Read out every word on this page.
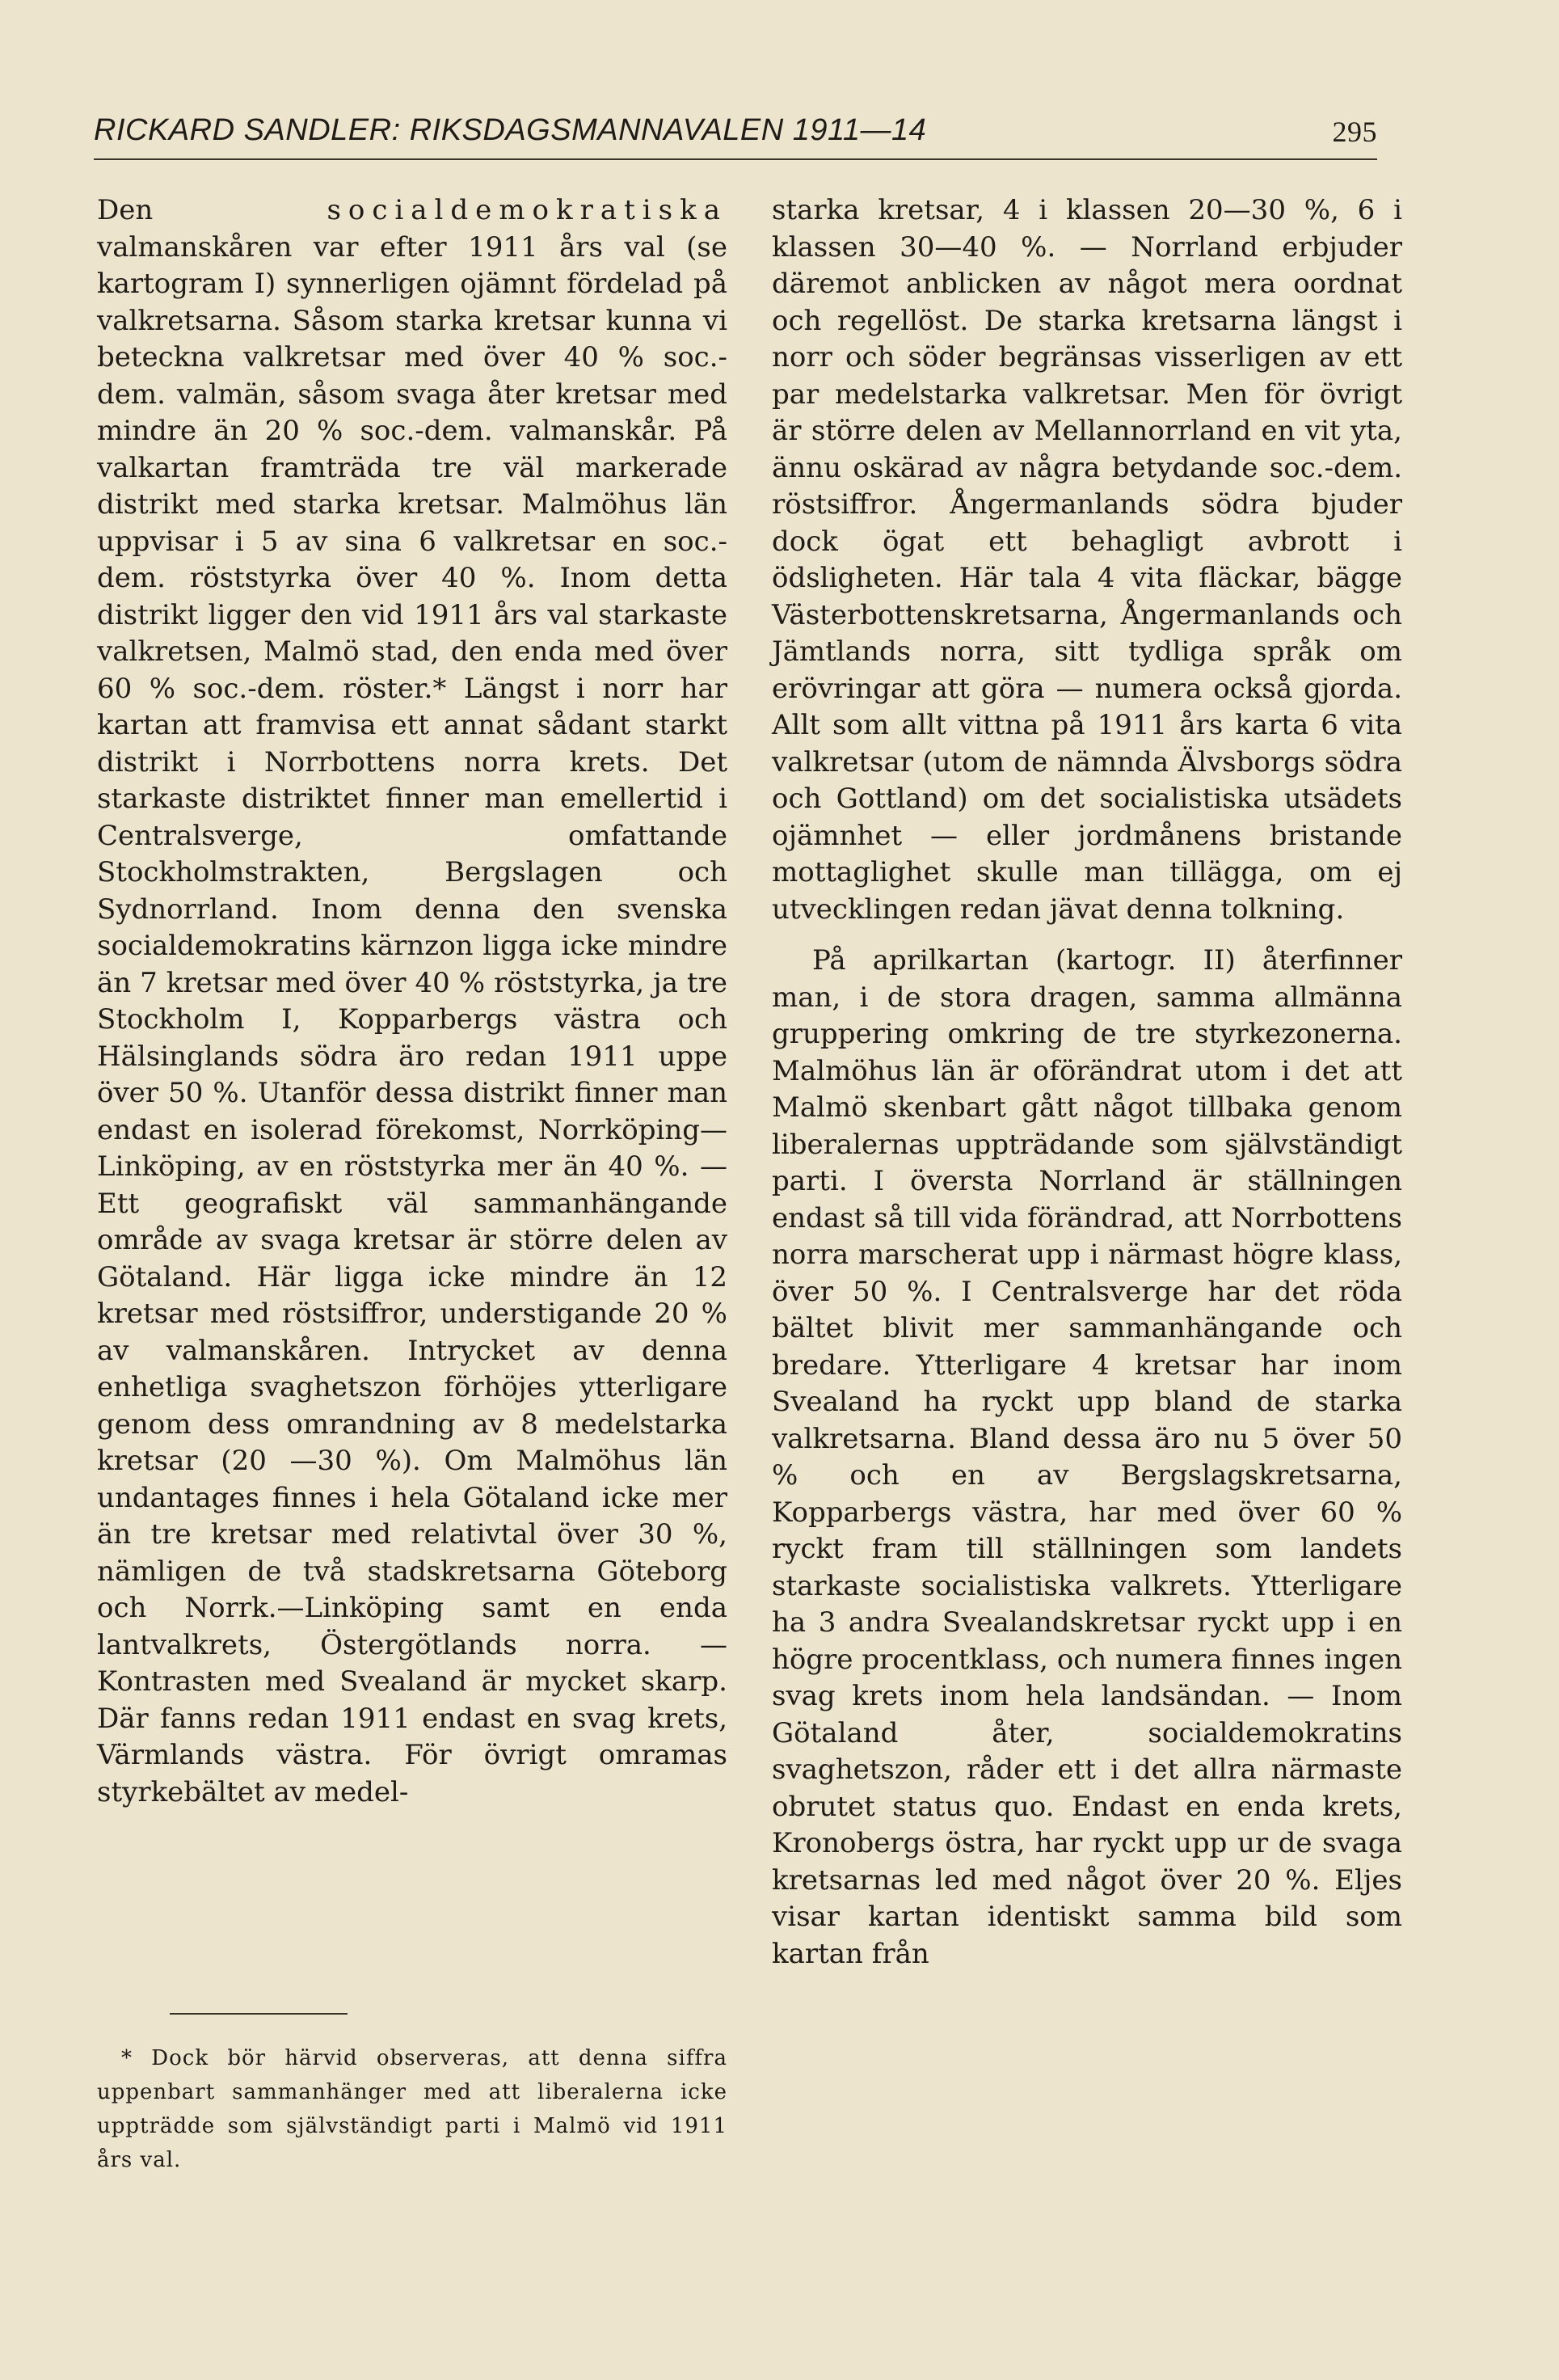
RICKARD SANDLER: RIKSDAGSMANNAVALEN 1911—14	295

Den	socialdemokratiska valmanskåren var efter 1911 års val (se kartogram I) synnerligen ojämnt fördelad på valkretsarna. Såsom starka kretsar kunna vi beteckna valkretsar med över 40 % soc.-dem. valmän, såsom svaga åter kretsar med mindre än 20 % soc.-dem. valmanskår. På valkartan framträda tre väl markerade distrikt med starka kretsar. Malmöhus län uppvisar i 5 av sina 6 valkretsar en soc.-dem. röststyrka över 40 %. Inom detta distrikt ligger den vid 1911 års val starkaste valkretsen, Malmö stad, den enda med över 60 % soc.-dem. röster.* Längst i norr har kartan att framvisa ett annat sådant starkt distrikt i Norrbottens norra krets. Det starkaste distriktet finner man emellertid i Centralsverge, omfattande Stockholmstrakten, Bergslagen och Sydnorrland. Inom denna den svenska socialdemokratins kärnzon ligga icke mindre än 7 kretsar med över 40 % röststyrka, ja tre Stockholm I, Kopparbergs västra och Hälsinglands södra äro redan 1911 uppe över 50 %. Utanför dessa distrikt finner man endast en isolerad förekomst, Norrköping—Linköping, av en röststyrka mer än 40 %. — Ett geografiskt väl sammanhängande område av svaga kretsar är större delen av Götaland. Här ligga icke mindre än 12 kretsar med röstsiffror, understigande 20 % av valmanskåren. Intrycket av denna enhetliga svaghetszon förhöjes ytterligare genom dess omrandning av 8 medelstarka kretsar (20 —30 %). Om Malmöhus län undantages finnes i hela Götaland icke mer än tre kretsar med relativtal över 30 %, nämligen de två stadskretsarna Göteborg och Norrk.—Linköping samt en enda lantvalkrets, Östergötlands norra. — Kontrasten med Svealand är mycket skarp. Där fanns redan 1911 endast en svag krets, Värmlands västra. För övrigt omramas styrkebältet av medel-

* Dock bör härvid observeras, att denna siffra uppenbart sammanhänger med att liberalerna icke uppträdde som självständigt parti i Malmö vid 1911 års val.

starka kretsar, 4 i klassen 20—30 %, 6 i klassen 30—40 %. — Norrland erbjuder däremot anblicken av något mera oordnat och regellöst. De starka kretsarna längst i norr och söder begränsas visserligen av ett par medelstarka valkretsar. Men för övrigt är större delen av Mellannorrland en vit yta, ännu oskärad av några betydande soc.-dem. röstsiffror. Ångermanlands södra bjuder dock ögat ett behagligt avbrott i ödsligheten. Här tala 4 vita fläckar, bägge Västerbottenskretsarna, Ångermanlands och Jämtlands norra, sitt tydliga språk om erövringar att göra — numera också gjorda. Allt som allt vittna på 1911 års karta 6 vita valkretsar (utom de nämnda Älvsborgs södra och Gottland) om det socialistiska utsädets ojämnhet — eller jordmånens bristande mottaglighet skulle man tillägga, om ej utvecklingen redan jävat denna tolkning.

På aprilkartan (kartogr. II) återfinner man, i de stora dragen, samma allmänna gruppering omkring de tre styrkezonerna. Malmöhus län är oförändrat utom i det att Malmö skenbart gått något tillbaka genom liberalernas uppträdande som självständigt parti. I översta Norrland är ställningen endast så till vida förändrad, att Norrbottens norra marscherat upp i närmast högre klass, över 50 %. I Centralsverge har det röda bältet blivit mer sammanhängande och bredare. Ytterligare 4 kretsar har inom Svealand ha ryckt upp bland de starka valkretsarna. Bland dessa äro nu 5 över 50 % och en av Bergslagskretsarna, Kopparbergs västra, har med över 60 % ryckt fram till ställningen som landets starkaste socialistiska valkrets. Ytterligare ha 3 andra Svealandskretsar ryckt upp i en högre procentklass, och numera finnes ingen svag krets inom hela landsändan. — Inom Götaland åter, socialdemokratins svaghetszon, råder ett i det allra närmaste obrutet status quo. Endast en enda krets, Kronobergs östra, har ryckt upp ur de svaga kretsarnas led med något över 20 %. Eljes visar kartan identiskt samma bild som kartan från
